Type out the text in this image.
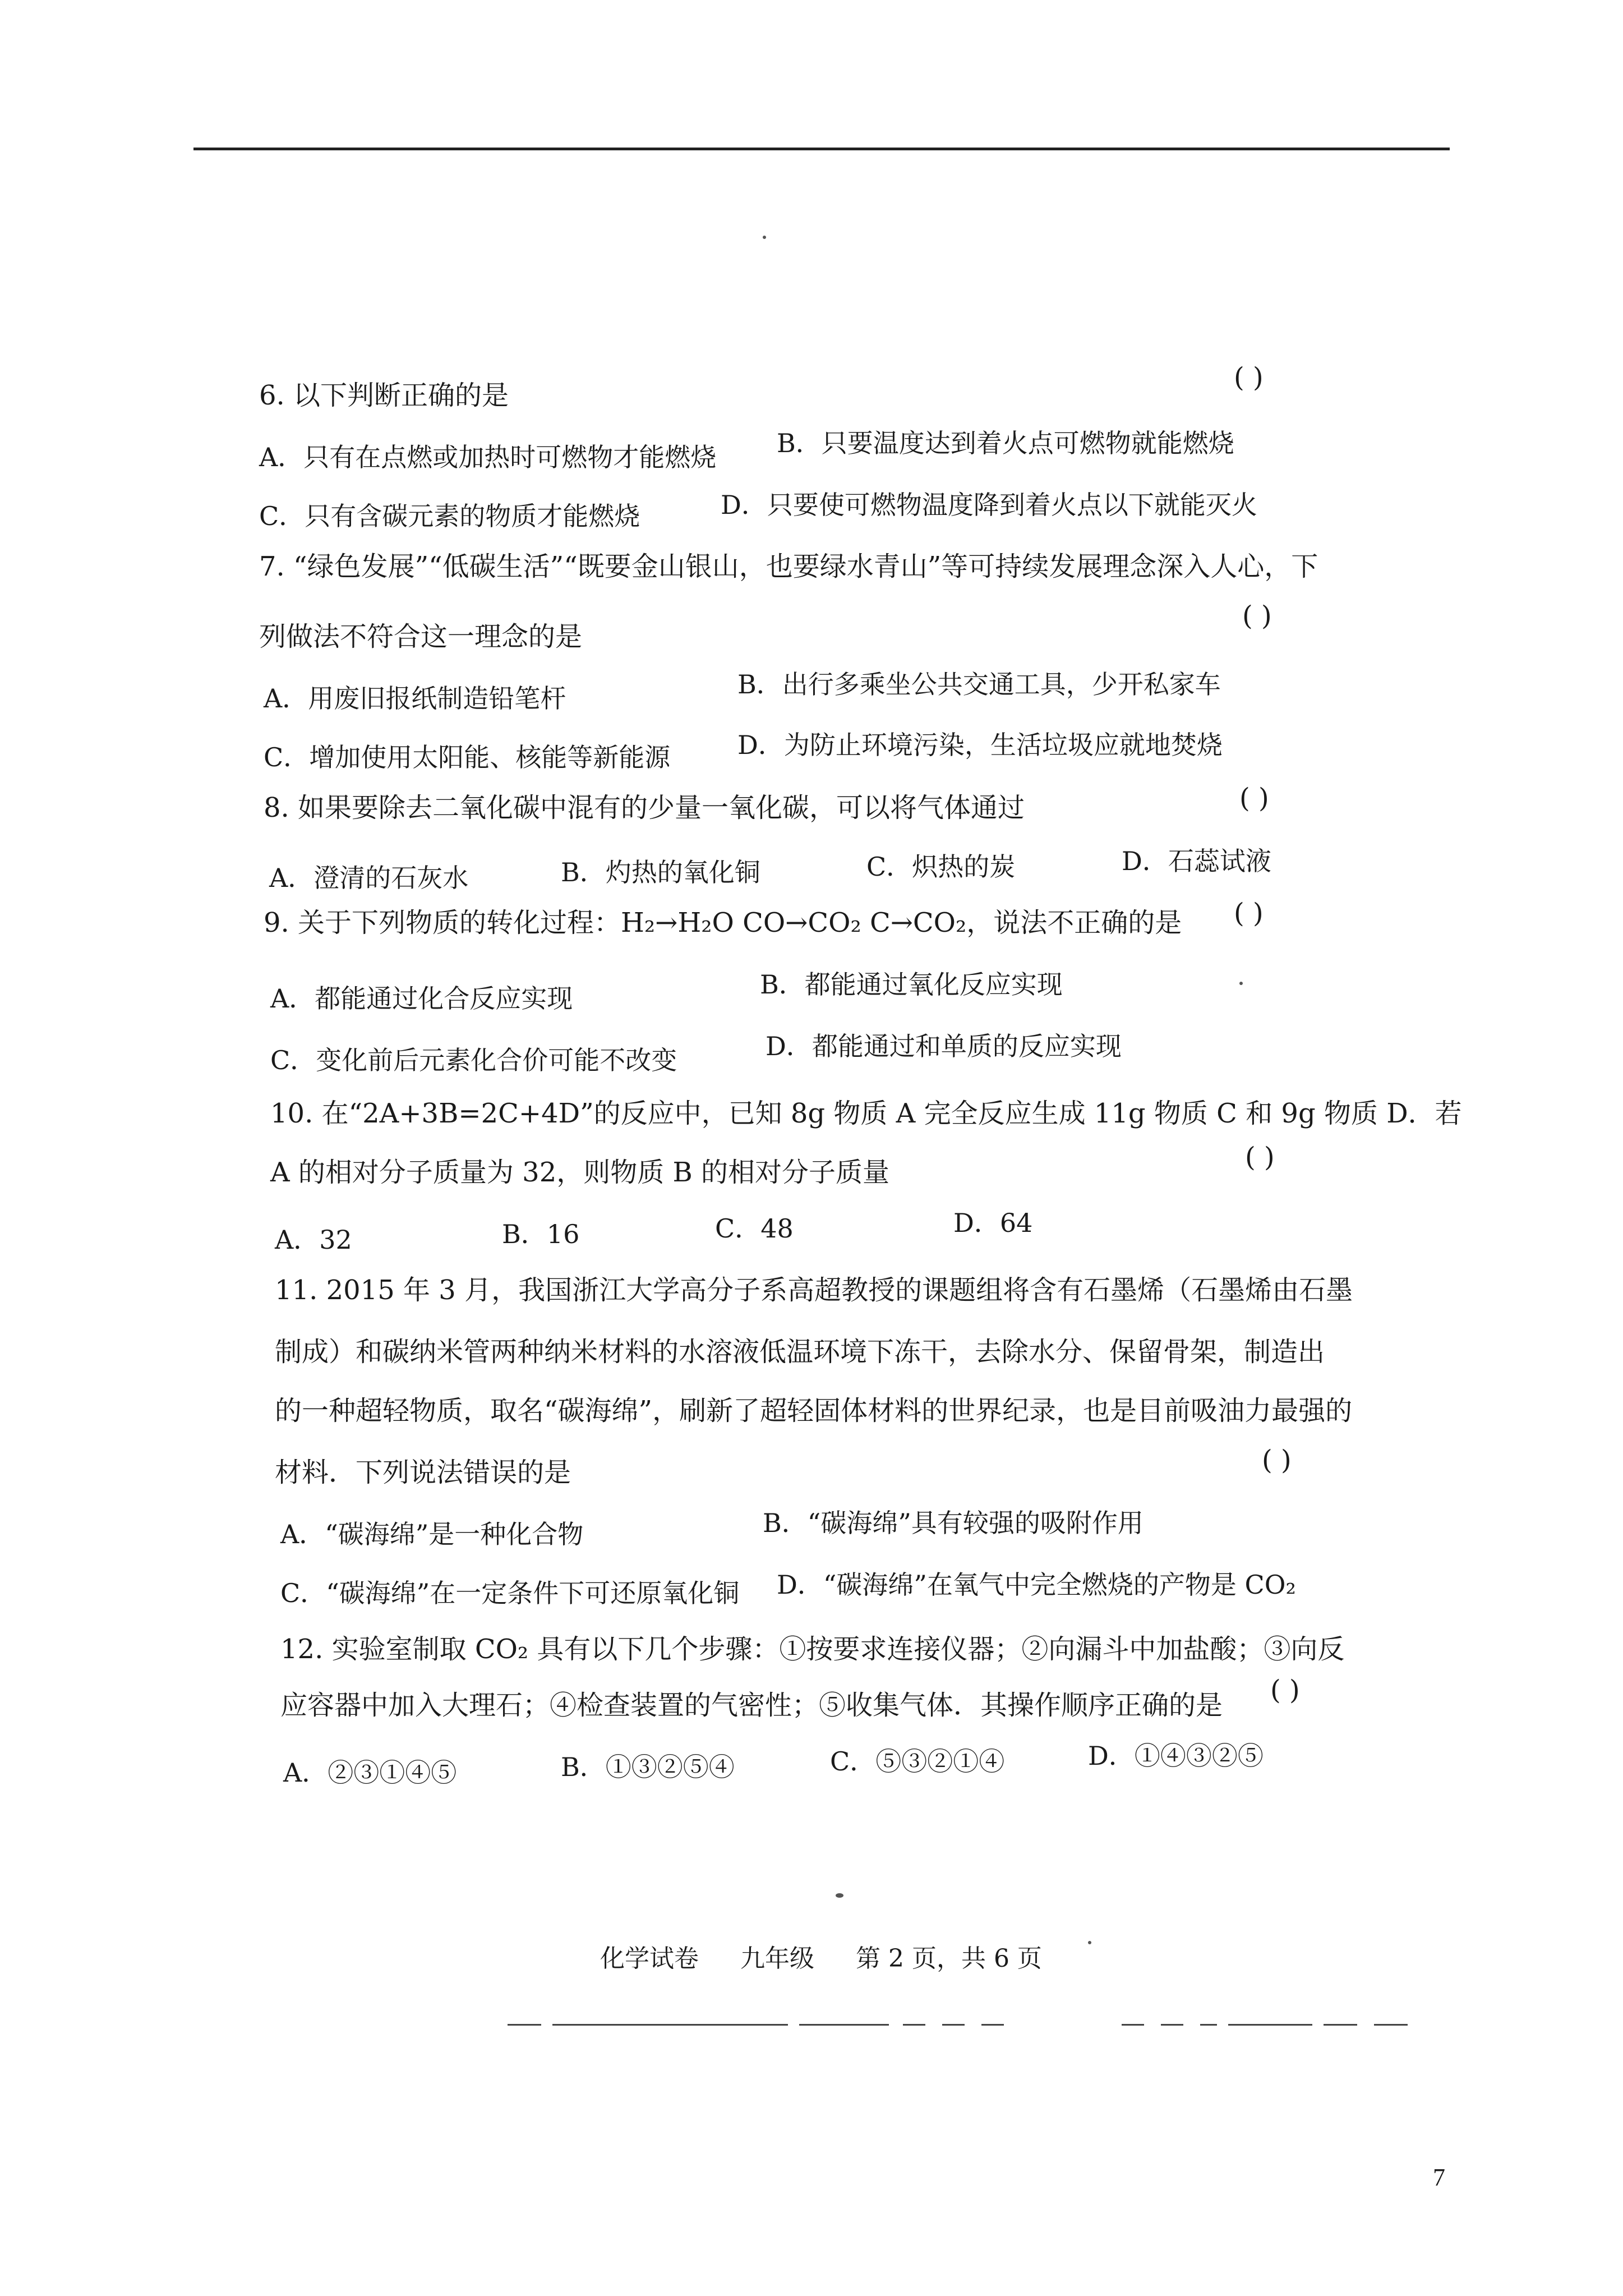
6. 以下判断正确的是
( )
A．只有在点燃或加热时可燃物才能燃烧 B．只要温度达到着火点可燃物就能燃烧
C．只有含碳元素的物质才能燃烧	D．只要使可燃物温度降到着火点以下就能灭火
7. “绿色发展”“低碳生活”“既要金山银山，也要绿水青山”等可持续发展理念深入人心，下
( )
列做法不符合这一理念的是
A．用废旧报纸制造铅笔杆	B．出行多乘坐公共交通工具，少开私家车
C．增加使用太阳能、核能等新能源	D．为防止环境污染，生活垃圾应就地焚烧
8. 如果要除去二氧化碳中混有的少量一氧化碳，可以将气体通过	( )
A．澄清的石灰水	B．灼热的氧化铜	C．炽热的炭	D．石蕊试液
9. 关于下列物质的转化过程：H₂→H₂O CO→CO₂ C→CO₂，说法不正确的是 ( )
A．都能通过化合反应实现	B．都能通过氧化反应实现
C．变化前后元素化合价可能不改变	D．都能通过和单质的反应实现
10. 在“2A+3B=2C+4D”的反应中，已知 8g 物质 A 完全反应生成 11g 物质 C 和 9g 物质 D．若
( )
A 的相对分子质量为 32，则物质 B 的相对分子质量
A．32	B．16	C．48	D．64
11. 2015 年 3 月，我国浙江大学高分子系高超教授的课题组将含有石墨烯（石墨烯由石墨
制成）和碳纳米管两种纳米材料的水溶液低温环境下冻干，去除水分、保留骨架，制造出
的一种超轻物质，取名“碳海绵”，刷新了超轻固体材料的世界纪录，也是目前吸油力最强的
( )
材料．下列说法错误的是
A．“碳海绵”是一种化合物	B．“碳海绵”具有较强的吸附作用
C．“碳海绵”在一定条件下可还原氧化铜 D．“碳海绵”在氧气中完全燃烧的产物是 CO₂
12. 实验室制取 CO₂ 具有以下几个步骤：①按要求连接仪器；②向漏斗中加盐酸；③向反
( )
应容器中加入大理石；④检查装置的气密性；⑤收集气体．其操作顺序正确的是
A．②③①④⑤	B．①③②⑤④	C．⑤③②①④	D．①④③②⑤
化学试卷 九年级 第 2 页，共 6 页
7
